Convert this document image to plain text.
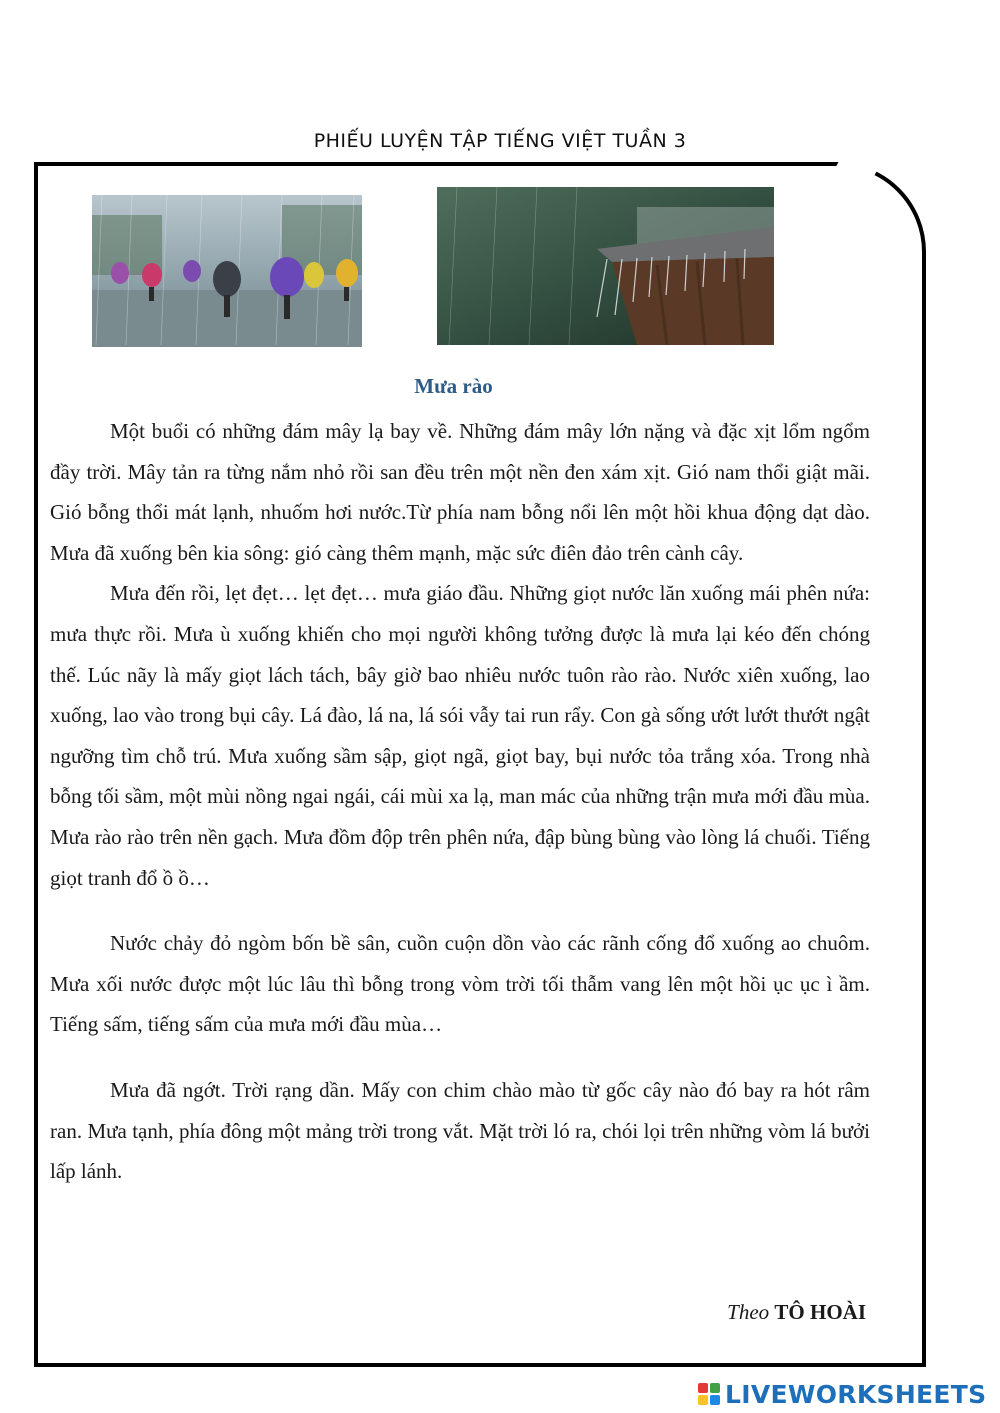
PHIẾU LUYỆN TẬP TIẾNG VIỆT TUẦN 3
Mưa rào

Một buổi có những đám mây lạ bay về. Những đám mây lớn nặng và đặc xịt lổm ngổm đầy trời. Mây tản ra từng nắm nhỏ rồi san đều trên một nền đen xám xịt. Gió nam thổi giật mãi. Gió bỗng thổi mát lạnh, nhuốm hơi nước.Từ phía nam bỗng nổi lên một hồi khua động dạt dào. Mưa đã xuống bên kia sông: gió càng thêm mạnh, mặc sức điên đảo trên cành cây.

Mưa đến rồi, lẹt đẹt… lẹt đẹt… mưa giáo đầu. Những giọt nước lăn xuống mái phên nứa: mưa thực rồi. Mưa ù xuống khiến cho mọi người không tưởng được là mưa lại kéo đến chóng thế. Lúc nãy là mấy giọt lách tách, bây giờ bao nhiêu nước tuôn rào rào. Nước xiên xuống, lao xuống, lao vào trong bụi cây. Lá đào, lá na, lá sói vẫy tai run rẩy. Con gà sống ướt lướt thướt ngật ngưỡng tìm chỗ trú. Mưa xuống sầm sập, giọt ngã, giọt bay, bụi nước tỏa trắng xóa. Trong nhà bỗng tối sầm, một mùi nồng ngai ngái, cái mùi xa lạ, man mác của những trận mưa mới đầu mùa. Mưa rào rào trên nền gạch. Mưa đồm độp trên phên nứa, đập bùng bùng vào lòng lá chuối. Tiếng giọt tranh đổ ồ ồ…

Nước chảy đỏ ngòm bốn bề sân, cuồn cuộn dồn vào các rãnh cống đổ xuống ao chuôm. Mưa xối nước được một lúc lâu thì bỗng trong vòm trời tối thẫm vang lên một hồi ục ục ì ầm. Tiếng sấm, tiếng sấm của mưa mới đầu mùa…

Mưa đã ngớt. Trời rạng dần. Mấy con chim chào mào từ gốc cây nào đó bay ra hót râm ran. Mưa tạnh, phía đông một mảng trời trong vắt. Mặt trời ló ra, chói lọi trên những vòm lá bưởi lấp lánh.

Theo TÔ HOÀI
LIVEWORKSHEETS
